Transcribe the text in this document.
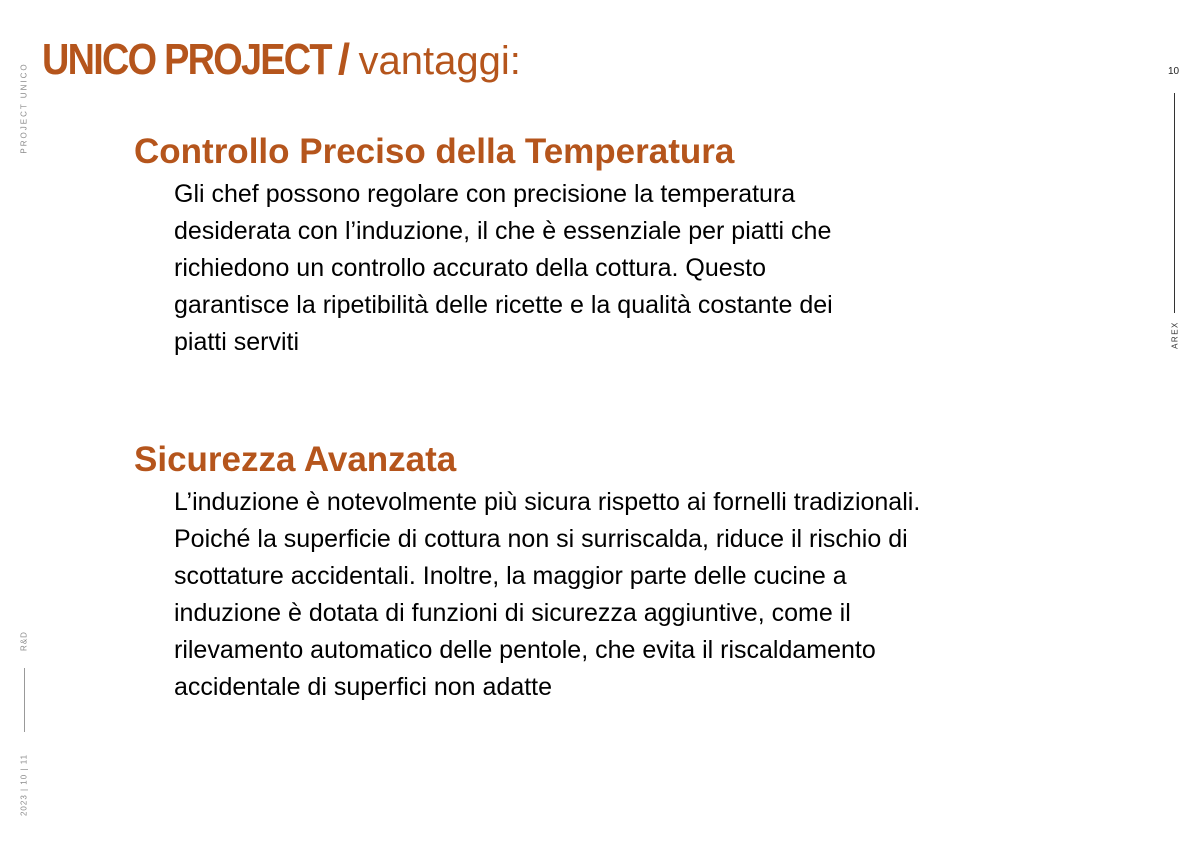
UNICO PROJECT / vantaggi:	10
AREX
PROJECT UNICO
R&D
2023 | 10 | 11
Controllo Preciso della Temperatura
Gli chef possono regolare con precisione la temperatura
desiderata con l’induzione, il che è essenziale per piatti che
richiedono un controllo accurato della cottura. Questo
garantisce la ripetibilità delle ricette e la qualità costante dei
piatti serviti
Sicurezza Avanzata
L’induzione è notevolmente più sicura rispetto ai fornelli tradizionali.
Poiché la superficie di cottura non si surriscalda, riduce il rischio di
scottature accidentali. Inoltre, la maggior parte delle cucine a
induzione è dotata di funzioni di sicurezza aggiuntive, come il
rilevamento automatico delle pentole, che evita il riscaldamento
accidentale di superfici non adatte
